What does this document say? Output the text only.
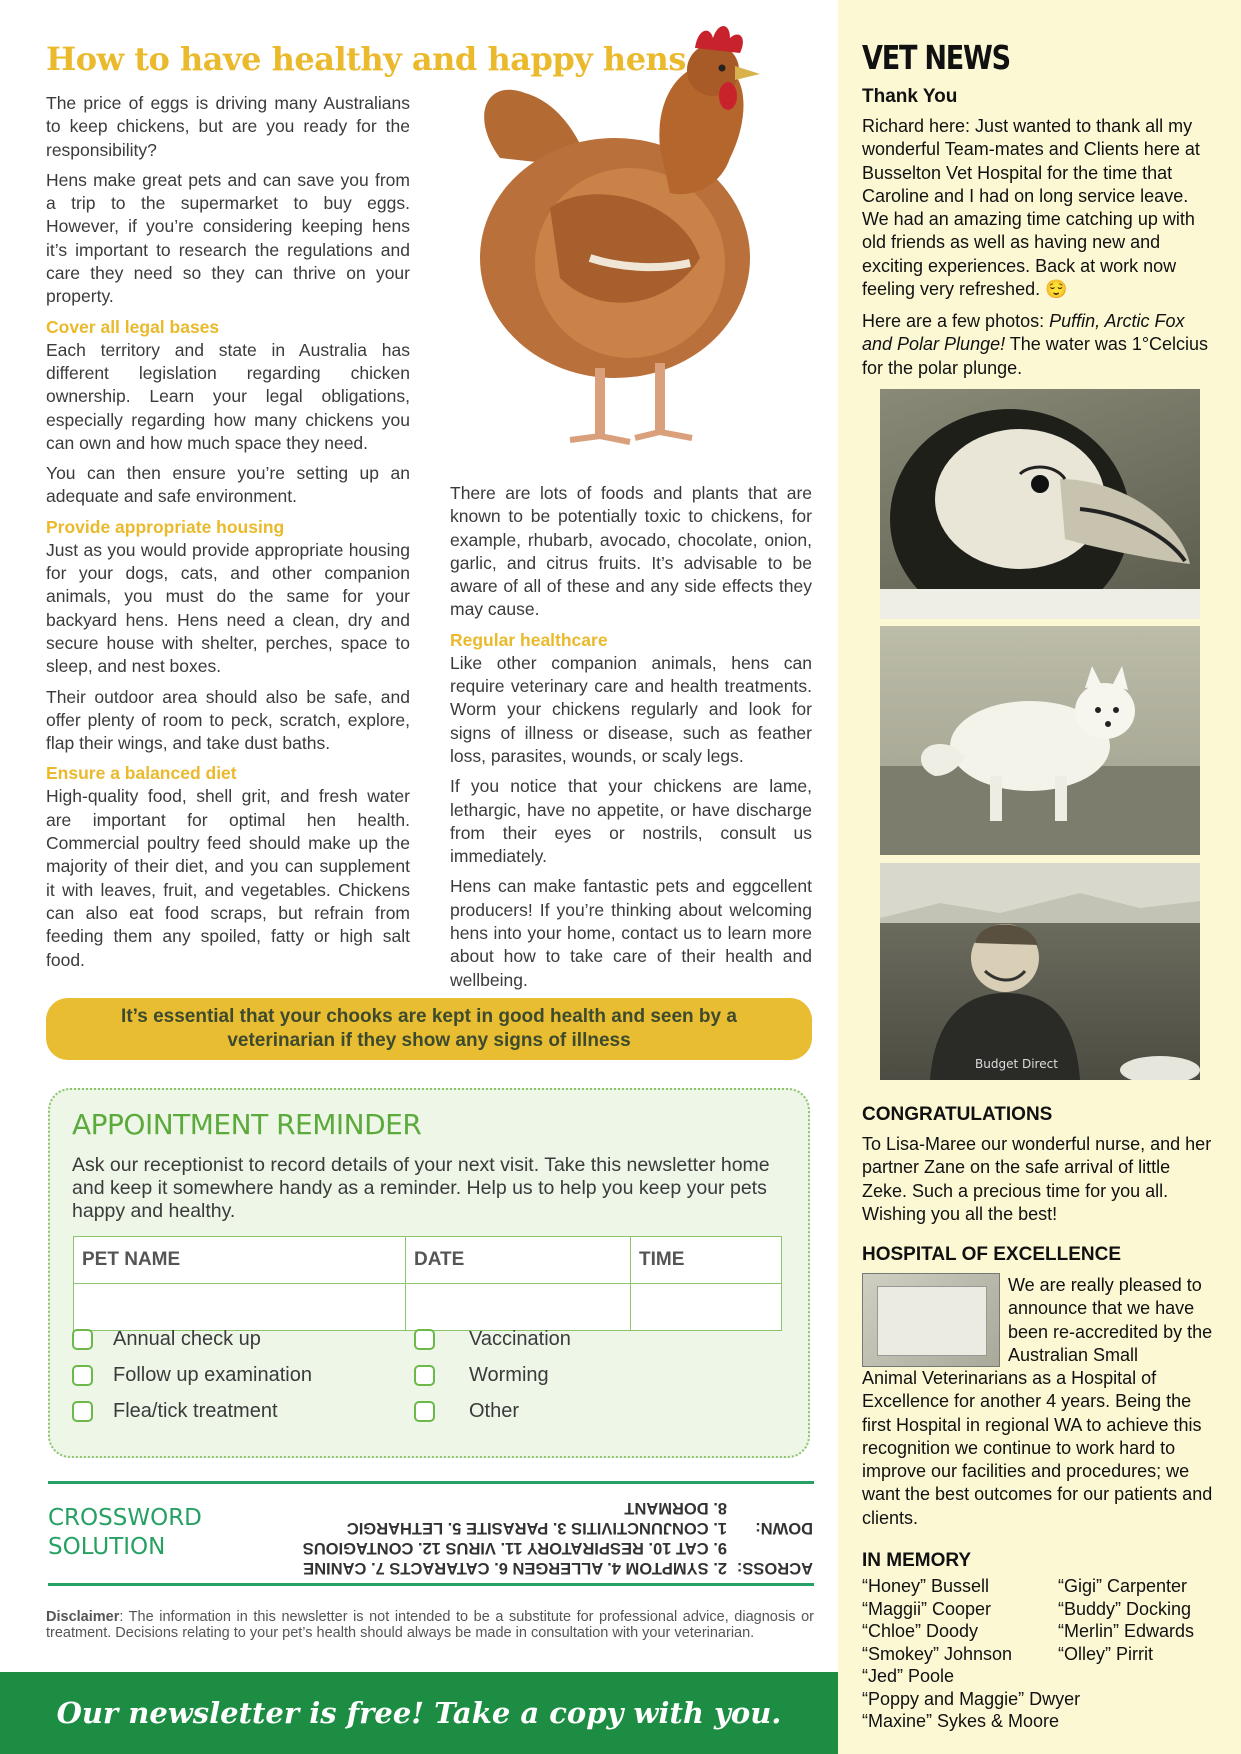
How to have healthy and happy hens

The price of eggs is driving many Australians to keep chickens, but are you ready for the responsibility?

Hens make great pets and can save you from a trip to the supermarket to buy eggs. However, if you’re considering keeping hens it’s important to research the regulations and care they need so they can thrive on your property.

Cover all legal bases

Each territory and state in Australia has different legislation regarding chicken ownership. Learn your legal obligations, especially regarding how many chickens you can own and how much space they need.

You can then ensure you’re setting up an adequate and safe environment.

Provide appropriate housing

Just as you would provide appropriate housing for your dogs, cats, and other companion animals, you must do the same for your backyard hens. Hens need a clean, dry and secure house with shelter, perches, space to sleep, and nest boxes.

Their outdoor area should also be safe, and offer plenty of room to peck, scratch, explore, flap their wings, and take dust baths.

Ensure a balanced diet

High-quality food, shell grit, and fresh water are important for optimal hen health. Commercial poultry feed should make up the majority of their diet, and you can supplement it with leaves, fruit, and vegetables. Chickens can also eat food scraps, but refrain from feeding them any spoiled, fatty or high salt food.

There are lots of foods and plants that are known to be potentially toxic to chickens, for example, rhubarb, avocado, chocolate, onion, garlic, and citrus fruits. It’s advisable to be aware of all of these and any side effects they may cause.

Regular healthcare

Like other companion animals, hens can require veterinary care and health treatments. Worm your chickens regularly and look for signs of illness or disease, such as feather loss, parasites, wounds, or scaly legs.

If you notice that your chickens are lame, lethargic, have no appetite, or have discharge from their eyes or nostrils, consult us immediately.

Hens can make fantastic pets and eggcellent producers! If you’re thinking about welcoming hens into your home, contact us to learn more about how to take care of their health and wellbeing.

It’s essential that your chooks are kept in good health and seen by a veterinarian if they show any signs of illness
APPOINTMENT REMINDER
Ask our receptionist to record details of your next visit. Take this newsletter home and keep it somewhere handy as a reminder. Help us to help you keep your pets happy and healthy.
PET NAME	DATE	TIME

Annual check up
Follow up examination
Flea/tick treatment
Vaccination
Worming
Other
CROSSWORD
SOLUTION
ACROSS:
2. SYMPTOM 4. ALLERGEN 6. CATARACTS 7. CANINE
9. CAT 10. RESPIRATORY 11. VIRUS 12. CONTAGIOUS
DOWN:
1. CONJUNCTIVITIS 3. PARASITE 5. LETHARGIC
8. DORMANT
Disclaimer: The information in this newsletter is not intended to be a substitute for professional advice, diagnosis or treatment. Decisions relating to your pet’s health should always be made in consultation with your veterinarian.
Our newsletter is free! Take a copy with you.
VET NEWS
Thank You
Richard here: Just wanted to thank all my wonderful Team-mates and Clients here at Busselton Vet Hospital for the time that Caroline and I had on long service leave. We had an amazing time catching up with old friends as well as having new and exciting experiences. Back at work now feeling very refreshed. 😌
Here are a few photos: Puffin, Arctic Fox and Polar Plunge! The water was 1°Celcius for the polar plunge.
Budget Direct
CONGRATULATIONS
To Lisa-Maree our wonderful nurse, and her partner Zane on the safe arrival of little Zeke. Such a precious time for you all. Wishing you all the best!
HOSPITAL OF EXCELLENCE
We are really pleased to announce that we have been re-accredited by the Australian Small
Animal Veterinarians as a Hospital of Excellence for another 4 years. Being the first Hospital in regional WA to achieve this recognition we continue to work hard to improve our facilities and procedures; we want the best outcomes for our patients and clients.
IN MEMORY
“Honey” Bussell	“Gigi” Carpenter
“Maggii” Cooper	“Buddy” Docking
“Chloe” Doody	“Merlin” Edwards
“Smokey” Johnson	“Olley” Pirrit
“Jed” Poole
“Poppy and Maggie” Dwyer
“Maxine” Sykes & Moore
